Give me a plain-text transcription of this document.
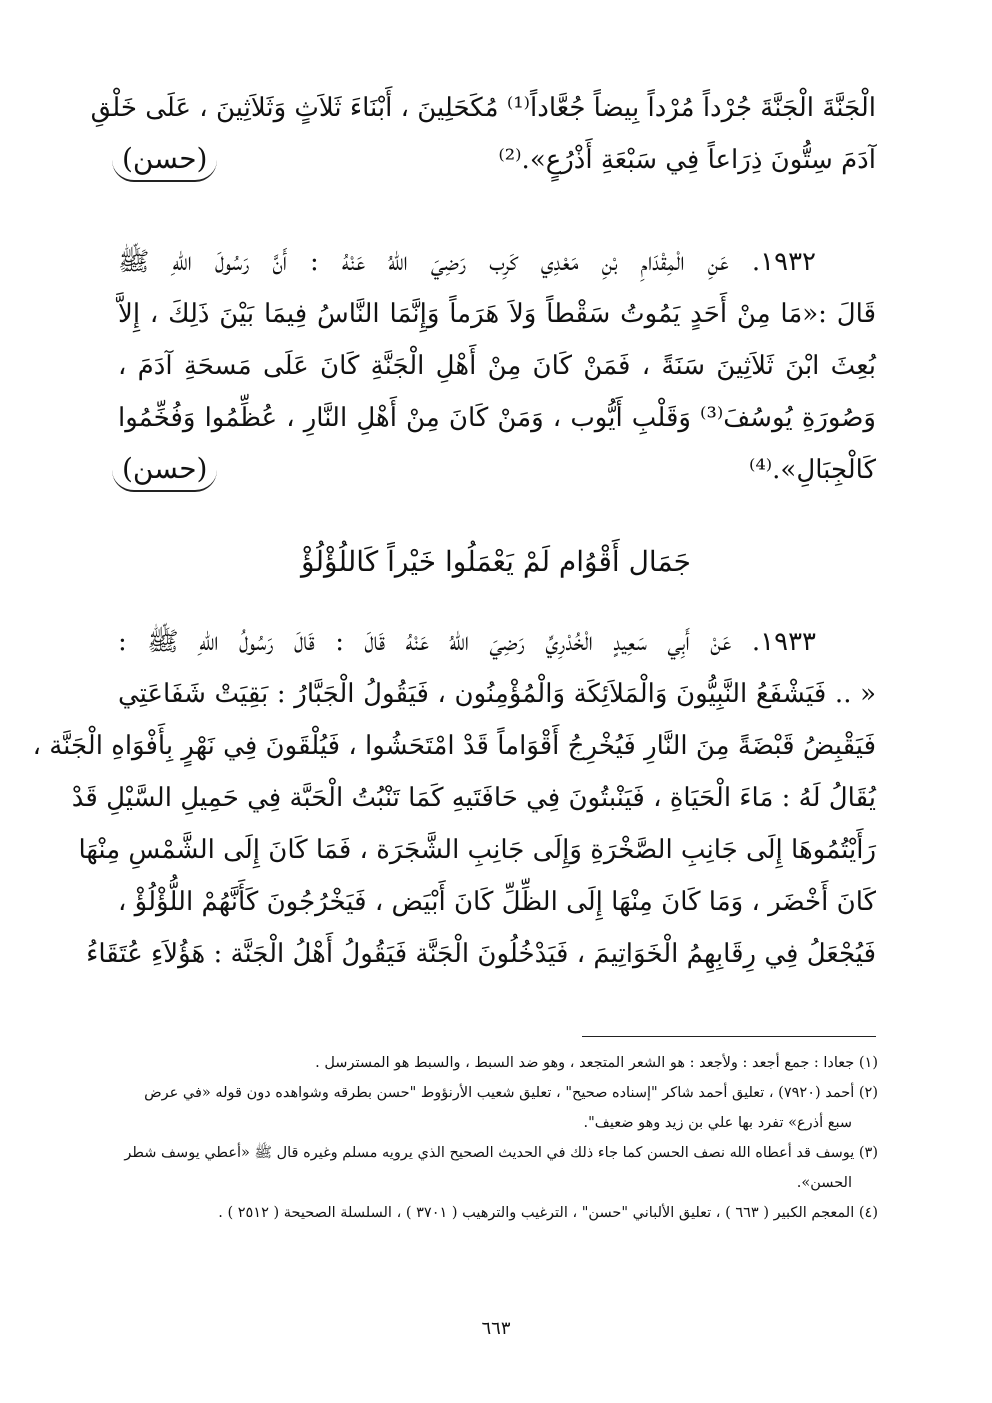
الْجَنَّةَ الْجَنَّةَ جُرْداً مُرْداً بِيضاً جُعَّاداً⁽¹⁾ مُكَحَلِينَ ، أَبْنَاءَ ثَلاَثٍ وَثَلاَثِينَ ، عَلَى خَلْقِ
آدَمَ سِتُّونَ ذِرَاعاً فِي سَبْعَةِ أَذْرُعٍ».⁽²⁾
(حسن)
١٩٣٢. عَنِ الْمِقْدَامِ بْنِ مَعْدِي كَرِب رَضِيَ اللهُ عَنْهُ : أَنَّ رَسُولَ اللهِ ﷺ
قَالَ :«مَا مِنْ أَحَدٍ يَمُوتُ سَقْطاً وَلاَ هَرَماً وَإِنَّمَا النَّاسُ فِيمَا بَيْنَ ذَلِكَ ، إِلاَّ
بُعِثَ ابْنَ ثَلاَثِينَ سَنَةً ، فَمَنْ كَانَ مِنْ أَهْلِ الْجَنَّةِ كَانَ عَلَى مَسحَةِ آدَمَ ،
وَصُورَةِ يُوسُفَ⁽³⁾ وَقَلْبِ أَيُّوب ، وَمَنْ كَانَ مِنْ أَهْلِ النَّارِ ، عُظِّمُوا وَفُخِّمُوا
كَالْجِبَالِ».⁽⁴⁾
(حسن)
جَمَال أَقْوُام لَمْ يَعْمَلُوا خَيْراً كَاللُؤْلُؤْ
١٩٣٣. عَنْ أَبِي سَعِيدٍ الْخُدْرِيِّ رَضِيَ اللهُ عَنْهُ قَالَ : قَالَ رَسُولُ اللهِ ﷺ :
« .. فَيَشْفَعُ النَّبِيُّونَ وَالْمَلاَئِكَة وَالْمُؤْمِنُون ، فَيَقُولُ الْجَبَّارُ : بَقِيَتْ شَفَاعَتِي
فَيَقْبِضُ قَبْضَةً مِنَ النَّارِ فَيُخْرِجُ أَقْوَاماً قَدْ امْتَحَشُوا ، فَيُلْقَونَ فِي نَهْرٍ بِأَفْوَاهِ الْجَنَّة ،
يُقَالُ لَهُ : مَاءَ الْحَيَاةِ ، فَيَنْبتُونَ فِي حَافَتَيهِ كَمَا تَنْبُتُ الْحَبَّة فِي حَمِيلِ السَّيْلِ قَدْ
رَأَيْتُمُوهَا إِلَى جَانِبِ الصَّخْرَةِ وَإِلَى جَانِبِ الشَّجَرَة ، فَمَا كَانَ إِلَى الشَّمْسِ مِنْهَا
كَانَ أَخْضَر ، وَمَا كَانَ مِنْهَا إِلَى الظِّلِّ كَانَ أَبْيَض ، فَيَخْرُجُونَ كَأَنَّهُمْ اللُّؤْلُؤْ ،
فَيُجْعَلُ فِي رِقَابِهِمُ الْخَوَاتِيمَ ، فَيَدْخُلُونَ الْجَنَّة فَيَقُولُ أَهْلُ الْجَنَّة : هَؤُلاَءِ عُتَقَاءُ
(١) جعادا : جمع أجعد : ولأجعد : هو الشعر المتجعد ، وهو ضد السبط ، والسبط هو المسترسل .
(٢) أحمد (٧٩٢٠) ، تعليق أحمد شاكر "إسناده صحيح" ، تعليق شعيب الأرنؤوط "حسن بطرقه وشواهده دون قوله «في عرض
سبع أذرع» تفرد بها علي بن زيد وهو ضعيف".
(٣) يوسف قد أعطاه الله نصف الحسن كما جاء ذلك في الحديث الصحيح الذي يرويه مسلم وغيره قال ﷺ «أعطي يوسف شطر
الحسن».
(٤) المعجم الكبير ( ٦٦٣ ) ، تعليق الألباني "حسن" ، الترغيب والترهيب ( ٣٧٠١ ) ، السلسلة الصحيحة ( ٢٥١٢ ) .
٦٦٣
